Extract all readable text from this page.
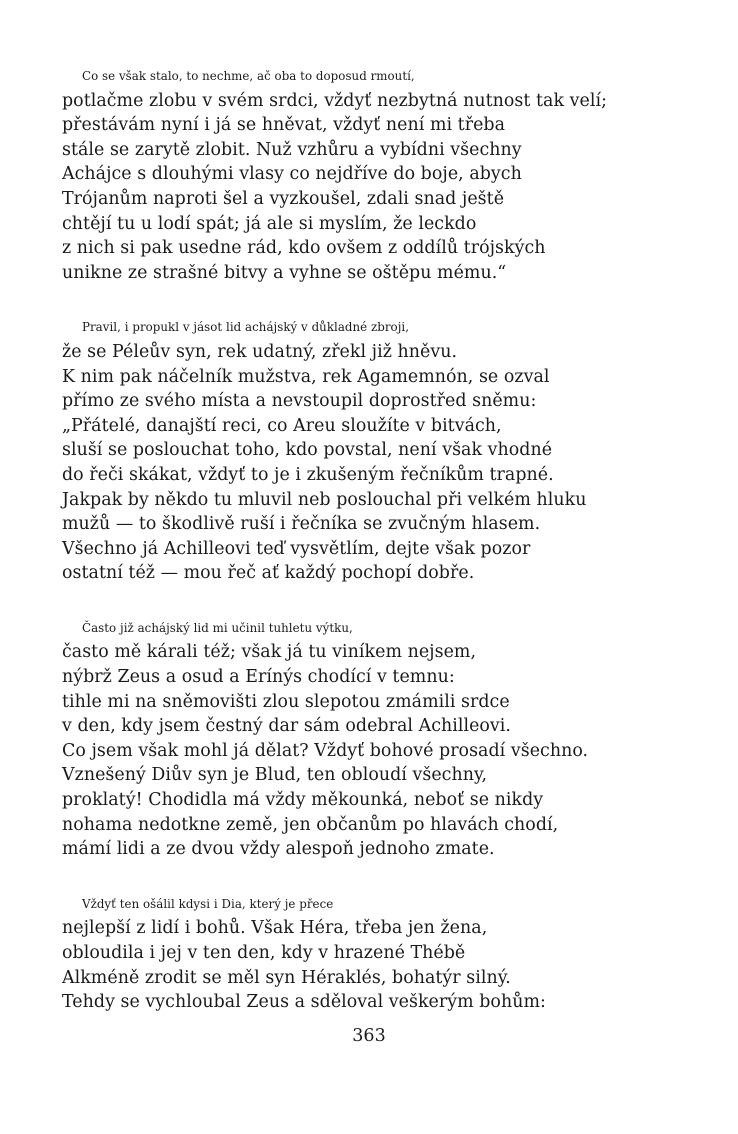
Co se však stalo, to nechme, ač oba to doposud rmoutí,
potlačme zlobu v svém srdci, vždyť nezbytná nutnost tak velí;
přestávám nyní i já se hněvat, vždyť není mi třeba
stále se zarytě zlobit. Nuž vzhůru a vybídni všechny
Achájce s dlouhými vlasy co nejdříve do boje, abych
Trójanům naproti šel a vyzkoušel, zdali snad ještě
chtějí tu u lodí spát; já ale si myslím, že leckdo
z nich si pak usedne rád, kdo ovšem z oddílů trójských
unikne ze strašné bitvy a vyhne se oštěpu mému.“
Pravil, i propukl v jásot lid achájský v důkladné zbroji,
že se Péleův syn, rek udatný, zřekl již hněvu.
K nim pak náčelník mužstva, rek Agamemnón, se ozval
přímo ze svého místa a nevstoupil doprostřed sněmu:
„Přátelé, danajští reci, co Areu sloužíte v bitvách,
sluší se poslouchat toho, kdo povstal, není však vhodné
do řeči skákat, vždyť to je i zkušeným řečníkům trapné.
Jakpak by někdo tu mluvil neb poslouchal při velkém hluku
mužů — to škodlivě ruší i řečníka se zvučným hlasem.
Všechno já Achilleovi teď vysvětlím, dejte však pozor
ostatní též — mou řeč ať každý pochopí dobře.
Často již achájský lid mi učinil tuhletu výtku,
často mě kárali též; však já tu viníkem nejsem,
nýbrž Zeus a osud a Erínýs chodící v temnu:
tihle mi na sněmovišti zlou slepotou zmámili srdce
v den, kdy jsem čestný dar sám odebral Achilleovi.
Co jsem však mohl já dělat? Vždyť bohové prosadí všechno.
Vznešený Diův syn je Blud, ten obloudí všechny,
proklatý! Chodidla má vždy měkounká, neboť se nikdy
nohama nedotkne země, jen občanům po hlavách chodí,
mámí lidi a ze dvou vždy alespoň jednoho zmate.
Vždyť ten ošálil kdysi i Dia, který je přece
nejlepší z lidí i bohů. Však Héra, třeba jen žena,
obloudila i jej v ten den, kdy v hrazené Thébě
Alkméně zrodit se měl syn Héraklés, bohatýr silný.
Tehdy se vychloubal Zeus a sděloval veškerým bohům:
363
